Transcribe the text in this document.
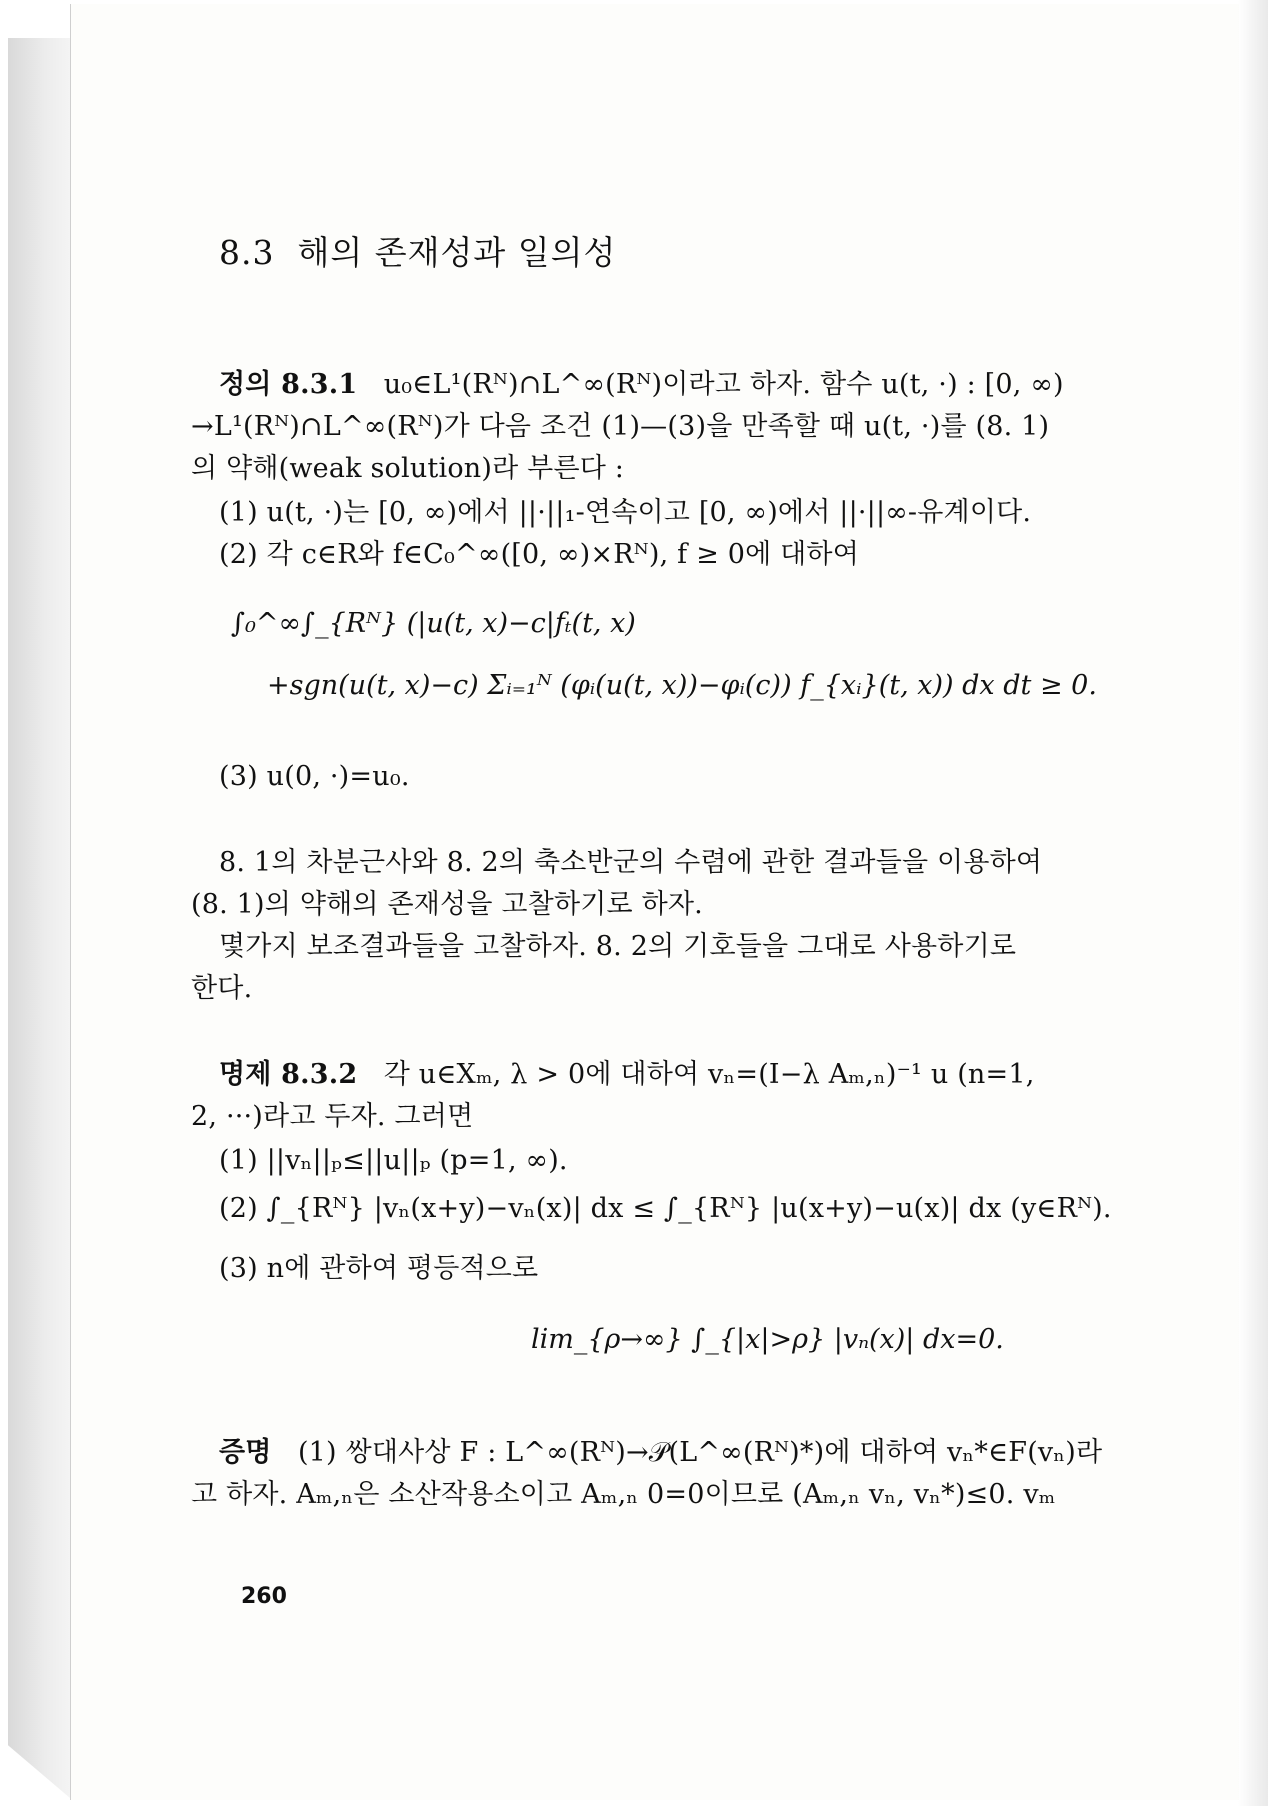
8.3 해의 존재성과 일의성
정의 8.3.1 u₀∈L¹(Rᴺ)∩L^∞(Rᴺ)이라고 하자. 함수 u(t, ·) : [0, ∞)
→L¹(Rᴺ)∩L^∞(Rᴺ)가 다음 조건 (1)—(3)을 만족할 때 u(t, ·)를 (8. 1)
의 약해(weak solution)라 부른다 :
(1) u(t, ·)는 [0, ∞)에서 ||·||₁-연속이고 [0, ∞)에서 ||·||∞-유계이다.
(2) 각 c∈R와 f∈C₀^∞([0, ∞)×Rᴺ), f ≥ 0에 대하여
∫₀^∞∫_{Rᴺ} (|u(t, x)−c|fₜ(t, x)
+sgn(u(t, x)−c) Σᵢ₌₁ᴺ (φᵢ(u(t, x))−φᵢ(c)) f_{xᵢ}(t, x)) dx dt ≥ 0.
(3) u(0, ·)=u₀.
8. 1의 차분근사와 8. 2의 축소반군의 수렴에 관한 결과들을 이용하여
(8. 1)의 약해의 존재성을 고찰하기로 하자.
몇가지 보조결과들을 고찰하자. 8. 2의 기호들을 그대로 사용하기로
한다.
명제 8.3.2 각 u∈Xₘ, λ > 0에 대하여 vₙ=(I−λ Aₘ,ₙ)⁻¹ u (n=1,
2, ···)라고 두자. 그러면
(1) ||vₙ||ₚ≤||u||ₚ (p=1, ∞).
(2) ∫_{Rᴺ} |vₙ(x+y)−vₙ(x)| dx ≤ ∫_{Rᴺ} |u(x+y)−u(x)| dx (y∈Rᴺ).
(3) n에 관하여 평등적으로
lim_{ρ→∞} ∫_{|x|>ρ} |vₙ(x)| dx=0.
증명 (1) 쌍대사상 F : L^∞(Rᴺ)→𝒫(L^∞(Rᴺ)*)에 대하여 vₙ*∈F(vₙ)라
고 하자. Aₘ,ₙ은 소산작용소이고 Aₘ,ₙ 0=0이므로 (Aₘ,ₙ vₙ, vₙ*)≤0. vₘ
260
